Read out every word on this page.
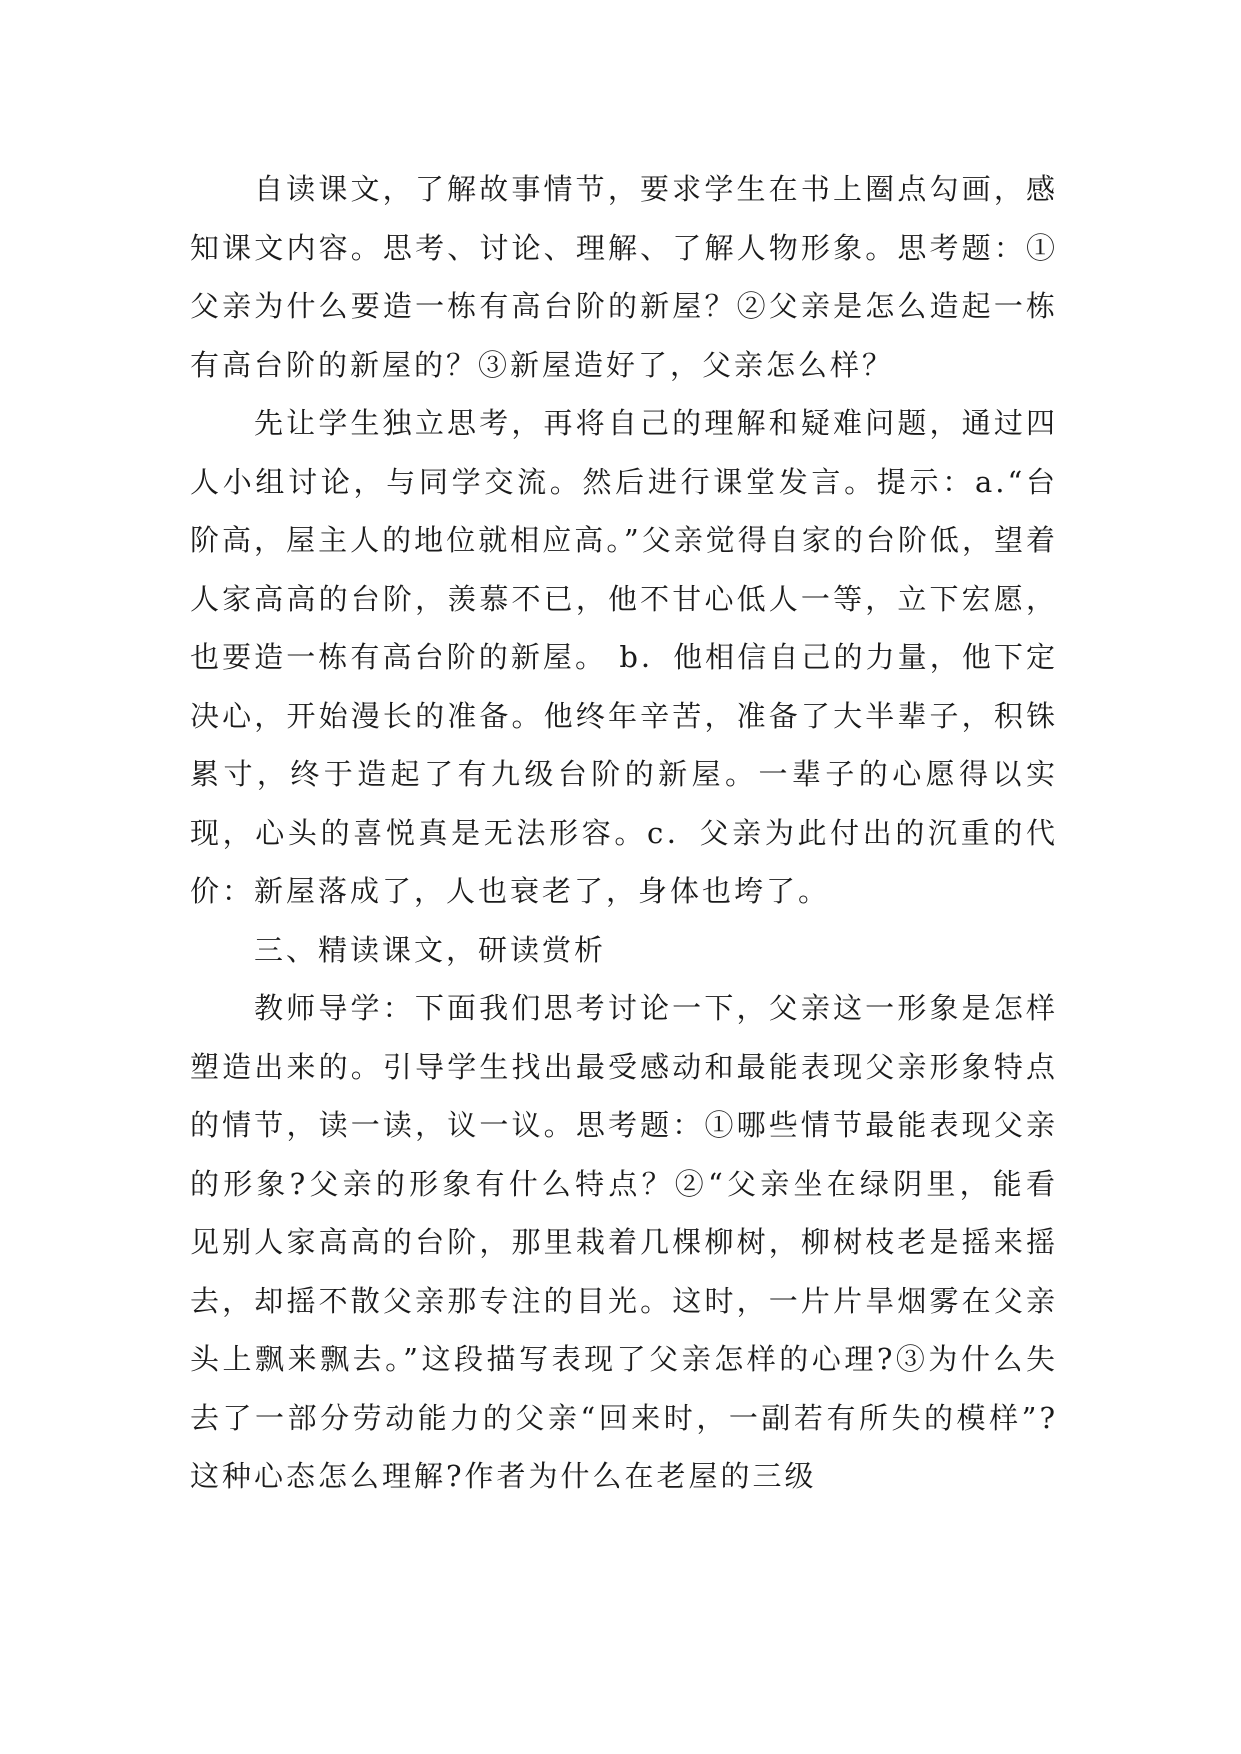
自读课文，了解故事情节，要求学生在书上圈点勾画，感知课文内容。思考、讨论、理解、了解人物形象。思考题：①父亲为什么要造一栋有高台阶的新屋？②父亲是怎么造起一栋有高台阶的新屋的？③新屋造好了，父亲怎么样？

先让学生独立思考，再将自己的理解和疑难问题，通过四人小组讨论，与同学交流。然后进行课堂发言。提示：a.“台阶高，屋主人的地位就相应高。”父亲觉得自家的台阶低，望着人家高高的台阶，羡慕不已，他不甘心低人一等，立下宏愿，也要造一栋有高台阶的新屋。 b．他相信自己的力量，他下定决心，开始漫长的准备。他终年辛苦，准备了大半辈子，积铢累寸，终于造起了有九级台阶的新屋。一辈子的心愿得以实现，心头的喜悦真是无法形容。c．父亲为此付出的沉重的代价：新屋落成了，人也衰老了，身体也垮了。

三、精读课文，研读赏析

教师导学：下面我们思考讨论一下，父亲这一形象是怎样塑造出来的。引导学生找出最受感动和最能表现父亲形象特点的情节，读一读，议一议。思考题：①哪些情节最能表现父亲的形象?父亲的形象有什么特点？②“父亲坐在绿阴里，能看见别人家高高的台阶，那里栽着几棵柳树，柳树枝老是摇来摇去，却摇不散父亲那专注的目光。这时，一片片旱烟雾在父亲头上飘来飘去。”这段描写表现了父亲怎样的心理?③为什么失去了一部分劳动能力的父亲“回来时，一副若有所失的模样”?这种心态怎么理解?作者为什么在老屋的三级
